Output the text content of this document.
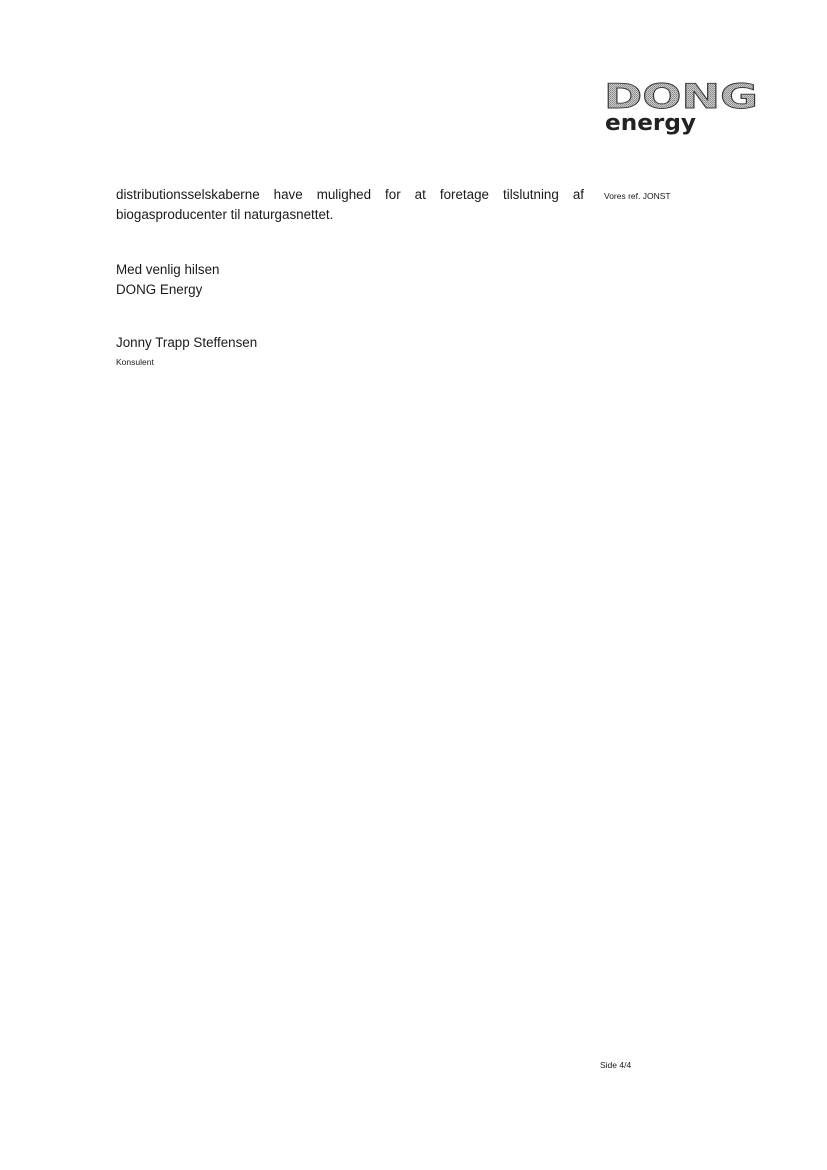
DONG
energy

distributionsselskaberne have mulighed for at foretage tilslutning af biogasproducenter til naturgasnettet.

Vores ref. JONST
Med venlig hilsen
DONG Energy
Jonny Trapp Steffensen
Konsulent
Side 4/4
